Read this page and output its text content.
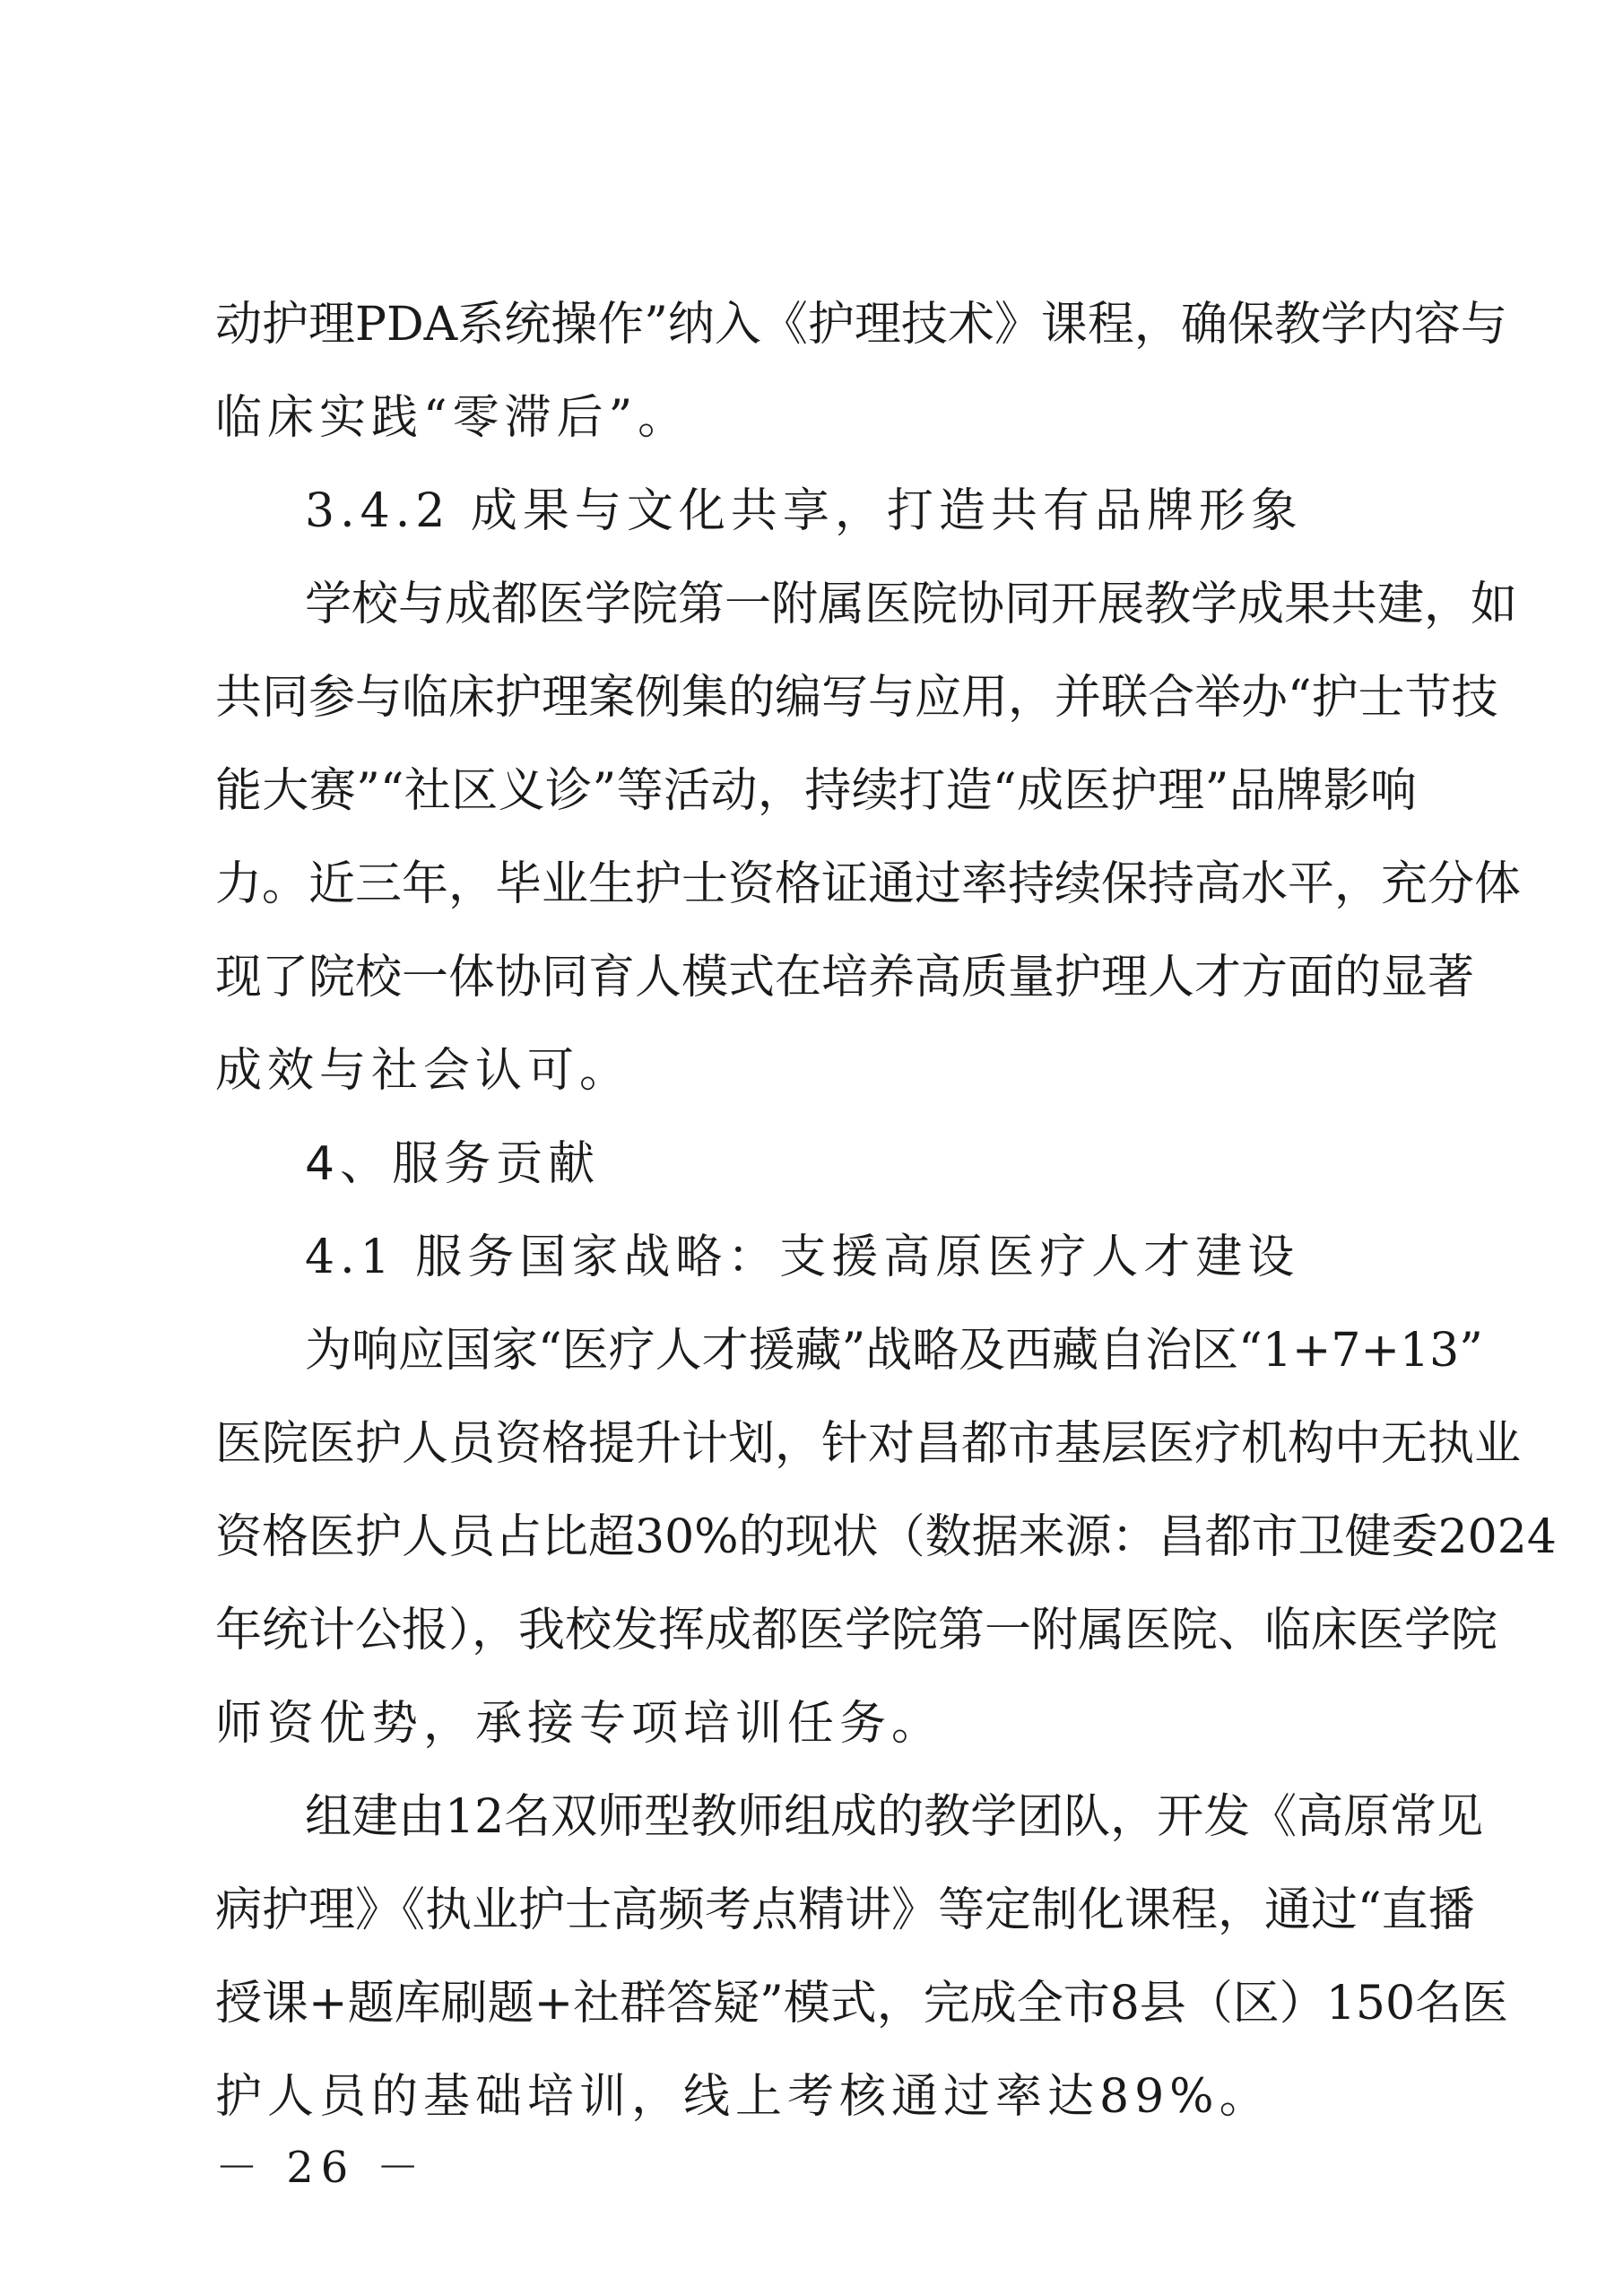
动护理PDA系统操作”纳入《护理技术》课程，确保教学内容与
临床实践“零滞后”。
3.4.2 成果与文化共享，打造共有品牌形象
学校与成都医学院第一附属医院协同开展教学成果共建，如
共同参与临床护理案例集的编写与应用，并联合举办“护士节技
能大赛”“社区义诊”等活动，持续打造“成医护理”品牌影响
力。近三年，毕业生护士资格证通过率持续保持高水平，充分体
现了院校一体协同育人模式在培养高质量护理人才方面的显著
成效与社会认可。
4、服务贡献
4.1 服务国家战略：支援高原医疗人才建设
为响应国家“医疗人才援藏”战略及西藏自治区“1+7+13”
医院医护人员资格提升计划，针对昌都市基层医疗机构中无执业
资格医护人员占比超30%的现状（数据来源：昌都市卫健委2024
年统计公报），我校发挥成都医学院第一附属医院、临床医学院
师资优势，承接专项培训任务。
组建由12名双师型教师组成的教学团队，开发《高原常见
病护理》《执业护士高频考点精讲》等定制化课程，通过“直播
授课+题库刷题+社群答疑”模式，完成全市8县（区）150名医
护人员的基础培训，线上考核通过率达89%。
－ 26 －
